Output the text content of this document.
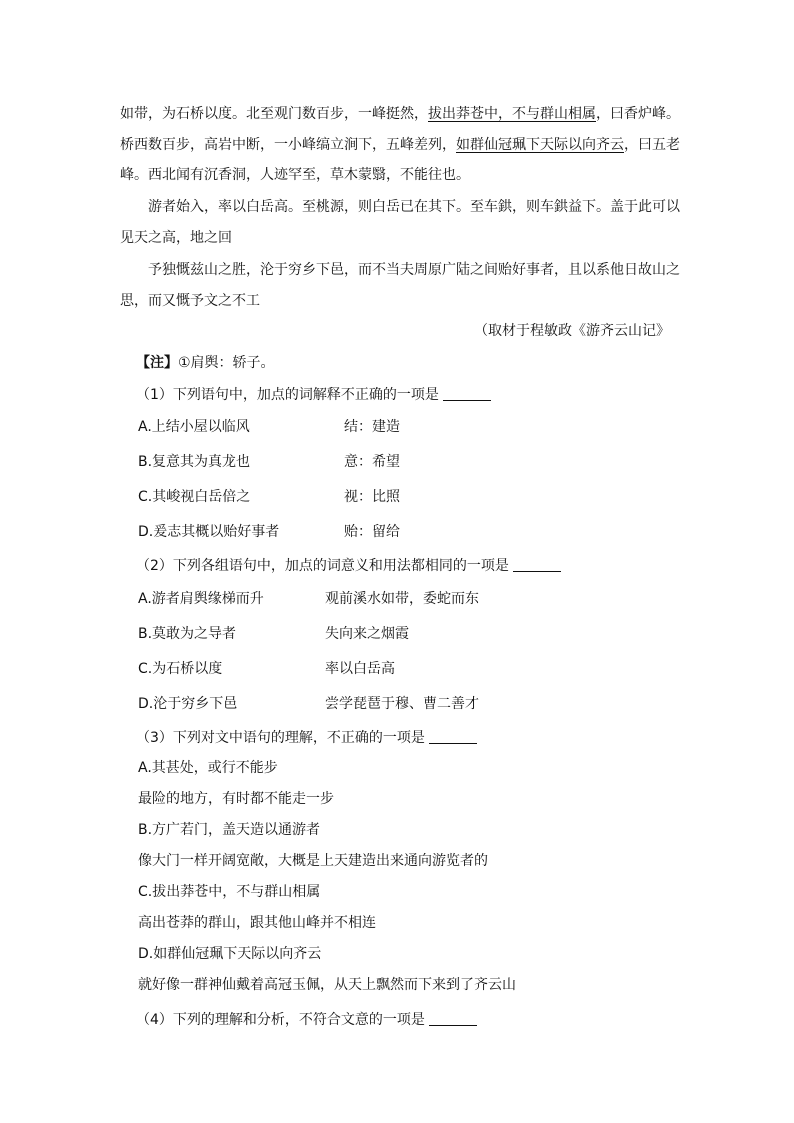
如带，为石桥以度。北至观门数百步，一峰挺然，拔出莽苍中，不与群山相属，曰香炉峰。
桥西数百步，高岩中断，一小峰缟立涧下，五峰差列，如群仙冠珮下天际以向齐云，曰五老
峰。西北闻有沉香洞，人迹罕至，草木蒙翳，不能往也。
游者始入，率以白岳高。至桃源，则白岳已在其下。至车鉷，则车鉷益下。盖于此可以
见天之高，地之回
予独慨兹山之胜，沦于穷乡下邑，而不当夫周原广陆之间贻好事者，且以系他日故山之
思，而又慨予文之不工
（取材于程敏政《游齐云山记》
【注】①肩舆：轿子。
（1）下列语句中，加点的词解释不正确的一项是
A.上结小屋以临风	结：建造
B.复意其为真龙也	意：希望
C.其峻视白岳倍之	视：比照
D.爰志其概以贻好事者	贻：留给
（2）下列各组语句中，加点的词意义和用法都相同的一项是
A.游者肩舆缘梯而升	观前溪水如带，委蛇而东
B.莫敢为之导者	失向来之烟霞
C.为石桥以度	率以白岳高
D.沦于穷乡下邑	尝学琵琶于穆、曹二善才
（3）下列对文中语句的理解，不正确的一项是
A.其甚处，或行不能步
最险的地方，有时都不能走一步
B.方广若门，盖天造以通游者
像大门一样开阔宽敞，大概是上天建造出来通向游览者的
C.拔出莽苍中，不与群山相属
高出苍莽的群山，跟其他山峰并不相连
D.如群仙冠珮下天际以向齐云
就好像一群神仙戴着高冠玉佩，从天上飘然而下来到了齐云山
（4）下列的理解和分析，不符合文意的一项是
